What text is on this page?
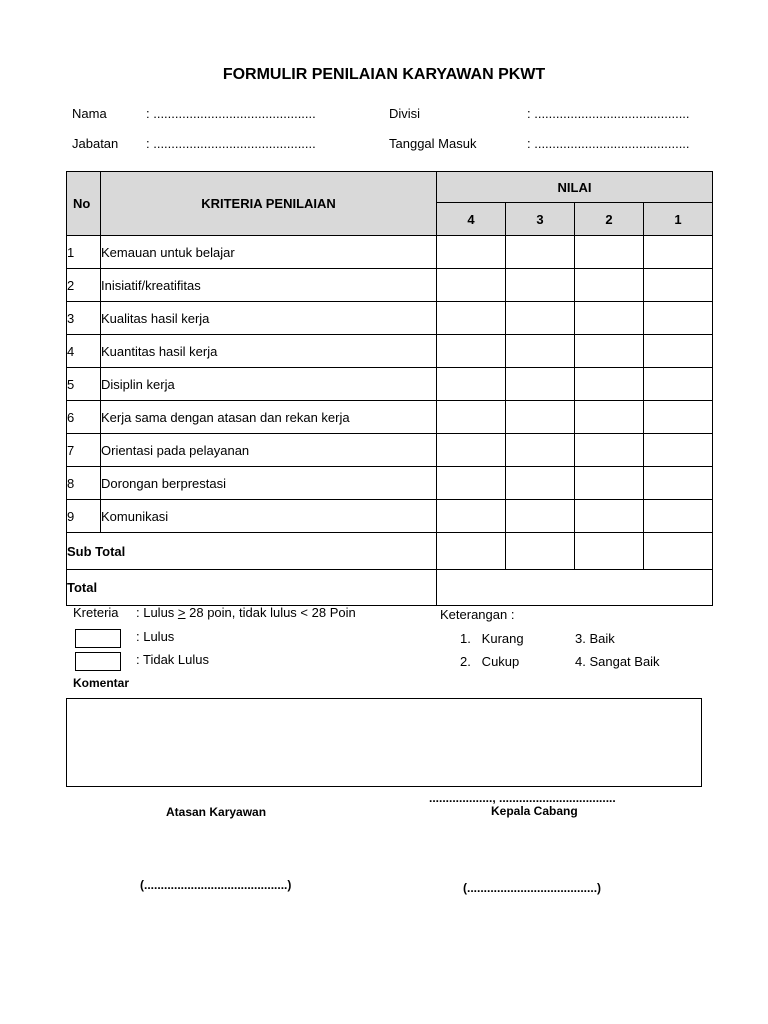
FORMULIR PENILAIAN KARYAWAN PKWT
Nama	: .............................................	Divisi	: ...........................................
Jabatan : .............................................	Tanggal Masuk	: ...........................................
No	KRITERIA PENILAIAN	NILAI			
		4	3	2	1
1	Kemauan untuk belajar				
2	Inisiatif/kreatifitas				
3	Kualitas hasil kerja				
4	Kuantitas hasil kerja				
5	Disiplin kerja				
6	Kerja sama dengan atasan dan rekan kerja				
7	Orientasi pada pelayanan				
8	Dorongan berprestasi				
9	Komunikasi				
Sub Total					
Total					
Kreteria : Lulus > 28 poin, tidak lulus < 28 Poin
: Lulus
: Tidak Lulus
Keterangan :
1.   Kurang
2.   Cukup
3. Baik
4. Sangat Baik
Komentar
..................., ...................................
Atasan Karyawan	Kepala Cabang
(...........................................)	(.......................................)
